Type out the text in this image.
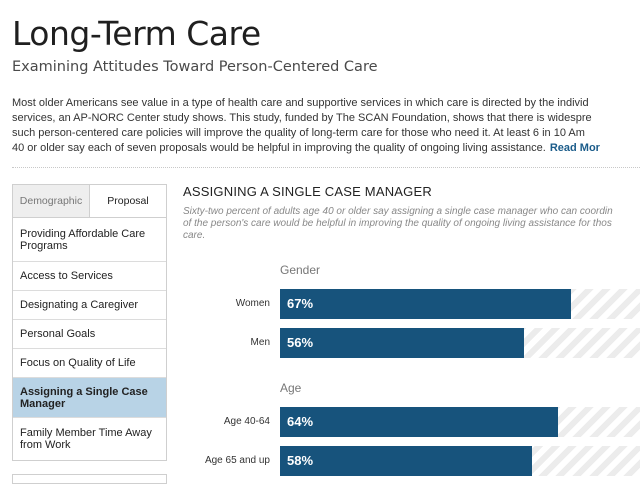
Long-Term Care
Examining Attitudes Toward Person-Centered Care
Most older Americans see value in a type of health care and supportive services in which care is directed by the individ
services, an AP-NORC Center study shows. This study, funded by The SCAN Foundation, shows that there is widespre
such person-centered care policies will improve the quality of long-term care for those who need it. At least 6 in 10 Am
40 or older say each of seven proposals would be helpful in improving the quality of ongoing living assistance. Read Mor
Demographic	Proposal
Providing Affordable Care Programs
Access to Services
Designating a Caregiver
Personal Goals
Focus on Quality of Life
Assigning a Single Case Manager
Family Member Time Away from Work
ASSIGNING A SINGLE CASE MANAGER
Sixty-two percent of adults age 40 or older say assigning a single case manager who can coordin
of the person's care would be helpful in improving the quality of ongoing living assistance for thos
care.
Gender
Women	67%
Men	56%
Age
Age 40-64	64%
Age 65 and up	58%
